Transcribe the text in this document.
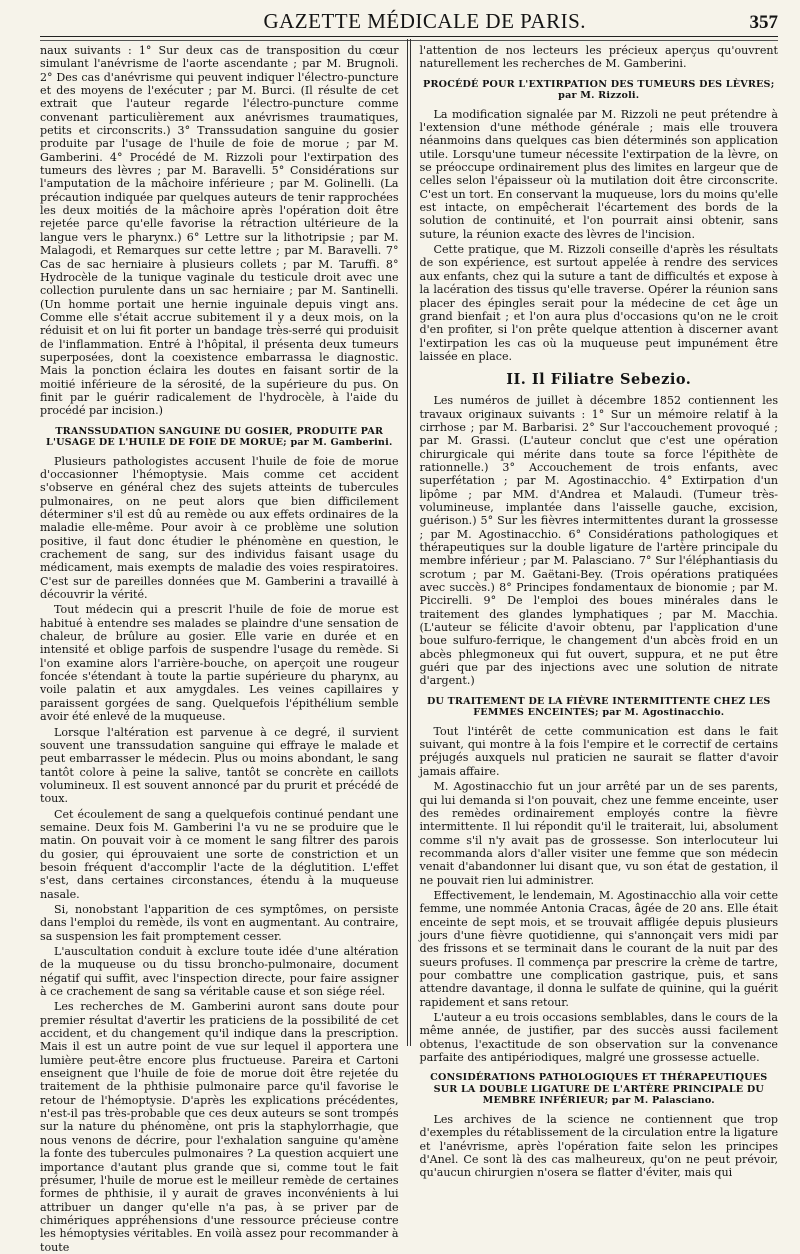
GAZETTE MÉDICALE DE PARIS.	357

naux suivants : 1° Sur deux cas de transposition du cœur simulant l'anévrisme de l'aorte ascendante ; par M. Brugnoli. 2° Des cas d'anévrisme qui peuvent indiquer l'électro-puncture et des moyens de l'exécuter ; par M. Burci. (Il résulte de cet extrait que l'auteur regarde l'électro-puncture comme convenant particulièrement aux anévrismes traumatiques, petits et circonscrits.) 3° Transsudation sanguine du gosier produite par l'usage de l'huile de foie de morue ; par M. Gamberini. 4° Procédé de M. Rizzoli pour l'extirpation des tumeurs des lèvres ; par M. Baravelli. 5° Considérations sur l'amputation de la mâchoire inférieure ; par M. Golinelli. (La précaution indiquée par quelques auteurs de tenir rapprochées les deux moitiés de la mâchoire après l'opération doit être rejetée parce qu'elle favorise la rétraction ultérieure de la langue vers le pharynx.) 6° Lettre sur la lithotripsie ; par M. Malagodi, et Remarques sur cette lettre ; par M. Baravelli. 7° Cas de sac herniaire à plusieurs collets ; par M. Taruffi. 8° Hydrocèle de la tunique vaginale du testicule droit avec une collection purulente dans un sac herniaire ; par M. Santinelli. (Un homme portait une hernie inguinale depuis vingt ans. Comme elle s'était accrue subitement il y a deux mois, on la réduisit et on lui fit porter un bandage très-serré qui produisit de l'inflammation. Entré à l'hôpital, il présenta deux tumeurs superposées, dont la coexistence embarrassa le diagnostic. Mais la ponction éclaira les doutes en faisant sortir de la moitié inférieure de la sérosité, de la supérieure du pus. On finit par le guérir radicalement de l'hydrocèle, à l'aide du procédé par incision.)

TRANSSUDATION SANGUINE DU GOSIER, PRODUITE PAR L'USAGE DE L'HUILE DE FOIE DE MORUE; par M. Gamberini.

Plusieurs pathologistes accusent l'huile de foie de morue d'occasionner l'hémoptysie. Mais comme cet accident s'observe en général chez des sujets atteints de tubercules pulmonaires, on ne peut alors que bien difficilement déterminer s'il est dû au remède ou aux effets ordinaires de la maladie elle-même. Pour avoir à ce problème une solution positive, il faut donc étudier le phénomène en question, le crachement de sang, sur des individus faisant usage du médicament, mais exempts de maladie des voies respiratoires. C'est sur de pareilles données que M. Gamberini a travaillé à découvrir la vérité.

Tout médecin qui a prescrit l'huile de foie de morue est habitué à entendre ses malades se plaindre d'une sensation de chaleur, de brûlure au gosier. Elle varie en durée et en intensité et oblige parfois de suspendre l'usage du remède. Si l'on examine alors l'arrière-bouche, on aperçoit une rougeur foncée s'étendant à toute la partie supérieure du pharynx, au voile palatin et aux amygdales. Les veines capillaires y paraissent gorgées de sang. Quelquefois l'épithélium semble avoir été enlevé de la muqueuse.

Lorsque l'altération est parvenue à ce degré, il survient souvent une transsudation sanguine qui effraye le malade et peut embarrasser le médecin. Plus ou moins abondant, le sang tantôt colore à peine la salive, tantôt se concrète en caillots volumineux. Il est souvent annoncé par du prurit et précédé de toux.

Cet écoulement de sang a quelquefois continué pendant une semaine. Deux fois M. Gamberini l'a vu ne se produire que le matin. On pouvait voir à ce moment le sang filtrer des parois du gosier, qui éprouvaient une sorte de constriction et un besoin fréquent d'accomplir l'acte de la déglutition. L'effet s'est, dans certaines circonstances, étendu à la muqueuse nasale.

Si, nonobstant l'apparition de ces symptômes, on persiste dans l'emploi du remède, ils vont en augmentant. Au contraire, sa suspension les fait promptement cesser.

L'auscultation conduit à exclure toute idée d'une altération de la muqueuse ou du tissu broncho-pulmonaire, document négatif qui suffit, avec l'inspection directe, pour faire assigner à ce crachement de sang sa véritable cause et son siége réel.

Les recherches de M. Gamberini auront sans doute pour premier résultat d'avertir les praticiens de la possibilité de cet accident, et du changement qu'il indique dans la prescription. Mais il est un autre point de vue sur lequel il apportera une lumière peut-être encore plus fructueuse. Pareira et Cartoni enseignent que l'huile de foie de morue doit être rejetée du traitement de la phthisie pulmonaire parce qu'il favorise le retour de l'hémoptysie. D'après les explications précédentes, n'est-il pas très-probable que ces deux auteurs se sont trompés sur la nature du phénomène, ont pris la staphylorrhagie, que nous venons de décrire, pour l'exhalation sanguine qu'amène la fonte des tubercules pulmonaires ? La question acquiert une importance d'autant plus grande que si, comme tout le fait présumer, l'huile de morue est le meilleur remède de certaines formes de phthisie, il y aurait de graves inconvénients à lui attribuer un danger qu'elle n'a pas, à se priver par de chimériques appréhensions d'une ressource précieuse contre les hémoptysies véritables. En voilà assez pour recommander à toute

l'attention de nos lecteurs les précieux aperçus qu'ouvrent naturellement les recherches de M. Gamberini.

PROCÉDÉ POUR L'EXTIRPATION DES TUMEURS DES LÈVRES; par M. Rizzoli.

La modification signalée par M. Rizzoli ne peut prétendre à l'extension d'une méthode générale ; mais elle trouvera néanmoins dans quelques cas bien déterminés son application utile. Lorsqu'une tumeur nécessite l'extirpation de la lèvre, on se préoccupe ordinairement plus des limites en largeur que de celles selon l'épaisseur où la mutilation doit être circonscrite. C'est un tort. En conservant la muqueuse, lors du moins qu'elle est intacte, on empêcherait l'écartement des bords de la solution de continuité, et l'on pourrait ainsi obtenir, sans suture, la réunion exacte des lèvres de l'incision.

Cette pratique, que M. Rizzoli conseille d'après les résultats de son expérience, est surtout appelée à rendre des services aux enfants, chez qui la suture a tant de difficultés et expose à la lacération des tissus qu'elle traverse. Opérer la réunion sans placer des épingles serait pour la médecine de cet âge un grand bienfait ; et l'on aura plus d'occasions qu'on ne le croit d'en profiter, si l'on prête quelque attention à discerner avant l'extirpation les cas où la muqueuse peut impunément être laissée en place.

II. Il Filiatre Sebezio.

Les numéros de juillet à décembre 1852 contiennent les travaux originaux suivants : 1° Sur un mémoire relatif à la cirrhose ; par M. Barbarisi. 2° Sur l'accouchement provoqué ; par M. Grassi. (L'auteur conclut que c'est une opération chirurgicale qui mérite dans toute sa force l'épithète de rationnelle.) 3° Accouchement de trois enfants, avec superfétation ; par M. Agostinacchio. 4° Extirpation d'un lipôme ; par MM. d'Andrea et Malaudi. (Tumeur très-volumineuse, implantée dans l'aisselle gauche, excision, guérison.) 5° Sur les fièvres intermittentes durant la grossesse ; par M. Agostinacchio. 6° Considérations pathologiques et thérapeutiques sur la double ligature de l'artère principale du membre inférieur ; par M. Palasciano. 7° Sur l'éléphantiasis du scrotum ; par M. Gaëtani-Bey. (Trois opérations pratiquées avec succès.) 8° Principes fondamentaux de bionomie ; par M. Piccirelli. 9° De l'emploi des boues minérales dans le traitement des glandes lymphatiques ; par M. Macchia. (L'auteur se félicite d'avoir obtenu, par l'application d'une boue sulfuro-ferrique, le changement d'un abcès froid en un abcès phlegmoneux qui fut ouvert, suppura, et ne put être guéri que par des injections avec une solution de nitrate d'argent.)

DU TRAITEMENT DE LA FIÈVRE INTERMITTENTE CHEZ LES FEMMES ENCEINTES; par M. Agostinacchio.

Tout l'intérêt de cette communication est dans le fait suivant, qui montre à la fois l'empire et le correctif de certains préjugés auxquels nul praticien ne saurait se flatter d'avoir jamais affaire.

M. Agostinacchio fut un jour arrêté par un de ses parents, qui lui demanda si l'on pouvait, chez une femme enceinte, user des remèdes ordinairement employés contre la fièvre intermittente. Il lui répondit qu'il le traiterait, lui, absolument comme s'il n'y avait pas de grossesse. Son interlocuteur lui recommanda alors d'aller visiter une femme que son médecin venait d'abandonner lui disant que, vu son état de gestation, il ne pouvait rien lui administrer.

Effectivement, le lendemain, M. Agostinacchio alla voir cette femme, une nommée Antonia Cracas, âgée de 20 ans. Elle était enceinte de sept mois, et se trouvait affligée depuis plusieurs jours d'une fièvre quotidienne, qui s'annonçait vers midi par des frissons et se terminait dans le courant de la nuit par des sueurs profuses. Il commença par prescrire la crème de tartre, pour combattre une complication gastrique, puis, et sans attendre davantage, il donna le sulfate de quinine, qui la guérit rapidement et sans retour.

L'auteur a eu trois occasions semblables, dans le cours de la même année, de justifier, par des succès aussi facilement obtenus, l'exactitude de son observation sur la convenance parfaite des antipériodiques, malgré une grossesse actuelle.

CONSIDÉRATIONS PATHOLOGIQUES ET THÉRAPEUTIQUES SUR LA DOUBLE LIGATURE DE L'ARTÈRE PRINCIPALE DU MEMBRE INFÉRIEUR; par M. Palasciano.

Les archives de la science ne contiennent que trop d'exemples du rétablissement de la circulation entre la ligature et l'anévrisme, après l'opération faite selon les principes d'Anel. Ce sont là des cas malheureux, qu'on ne peut prévoir, qu'aucun chirurgien n'osera se flatter d'éviter, mais qui
